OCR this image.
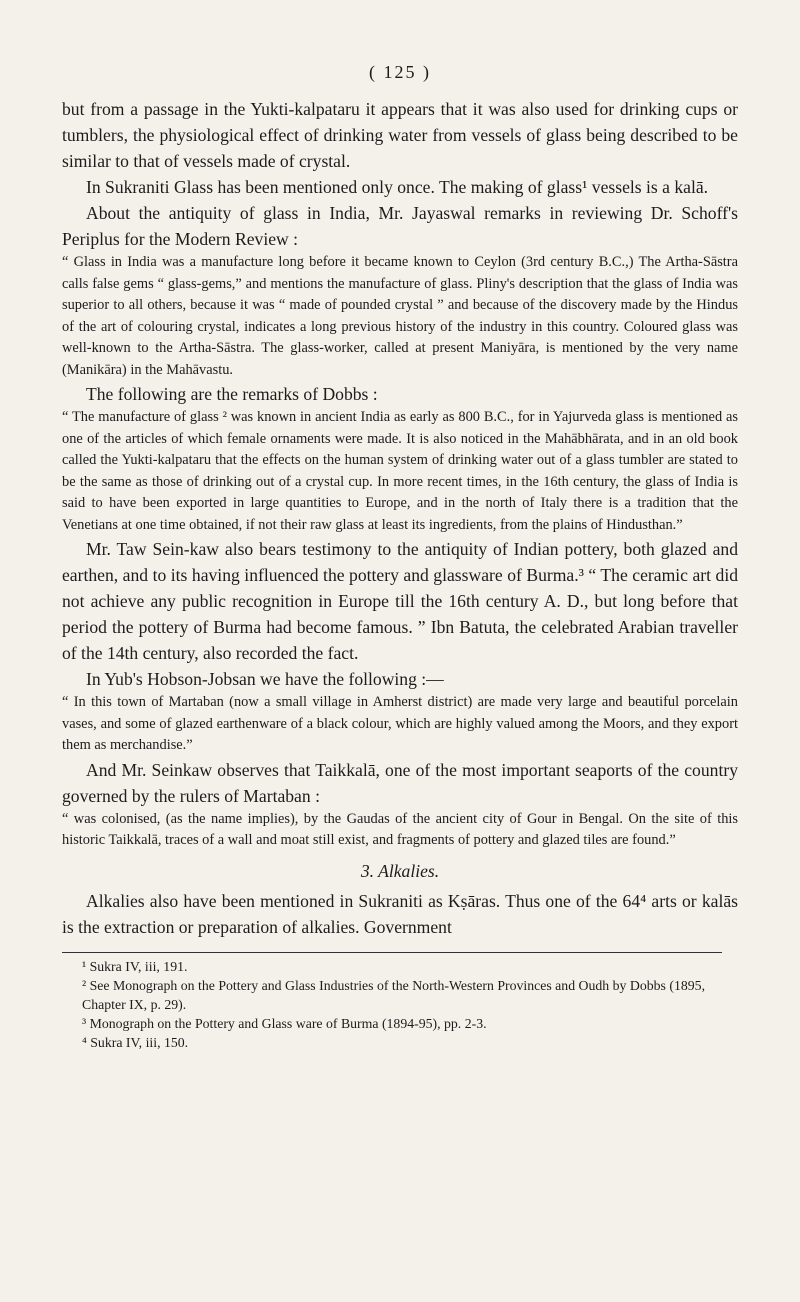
( 125 )

but from a passage in the Yukti-kalpataru it appears that it was also used for drinking cups or tumblers, the physiological effect of drinking water from vessels of glass being described to be similar to that of vessels made of crystal.

In Sukraniti Glass has been mentioned only once. The making of glass¹ vessels is a kalā.

About the antiquity of glass in India, Mr. Jayaswal remarks in reviewing Dr. Schoff's Periplus for the Modern Review :

“ Glass in India was a manufacture long before it became known to Ceylon (3rd century B.C.,) The Artha-Sāstra calls false gems “ glass-gems,” and mentions the manufacture of glass. Pliny's description that the glass of India was superior to all others, because it was “ made of pounded crystal ” and because of the discovery made by the Hindus of the art of colouring crystal, indicates a long previous history of the industry in this country. Coloured glass was well-known to the Artha-Sāstra. The glass-worker, called at present Maniyāra, is mentioned by the very name (Manikāra) in the Mahāvastu.

The following are the remarks of Dobbs :

“ The manufacture of glass ² was known in ancient India as early as 800 B.C., for in Yajurveda glass is mentioned as one of the articles of which female ornaments were made. It is also noticed in the Mahābhārata, and in an old book called the Yukti-kalpataru that the effects on the human system of drinking water out of a glass tumbler are stated to be the same as those of drinking out of a crystal cup. In more recent times, in the 16th century, the glass of India is said to have been exported in large quantities to Europe, and in the north of Italy there is a tradition that the Venetians at one time obtained, if not their raw glass at least its ingredients, from the plains of Hindusthan.”

Mr. Taw Sein-kaw also bears testimony to the antiquity of Indian pottery, both glazed and earthen, and to its having influenced the pottery and glassware of Burma.³ “ The ceramic art did not achieve any public recognition in Europe till the 16th century A. D., but long before that period the pottery of Burma had become famous. ” Ibn Batuta, the celebrated Arabian traveller of the 14th century, also recorded the fact.

In Yub's Hobson-Jobsan we have the following :—

“ In this town of Martaban (now a small village in Amherst district) are made very large and beautiful porcelain vases, and some of glazed earthenware of a black colour, which are highly valued among the Moors, and they export them as merchandise.”

And Mr. Seinkaw observes that Taikkalā, one of the most important seaports of the country governed by the rulers of Martaban :

“ was colonised, (as the name implies), by the Gaudas of the ancient city of Gour in Bengal. On the site of this historic Taikkalā, traces of a wall and moat still exist, and fragments of pottery and glazed tiles are found.”

3. Alkalies.

Alkalies also have been mentioned in Sukraniti as Kṣāras. Thus one of the 64⁴ arts or kalās is the extraction or preparation of alkalies. Government

¹ Sukra IV, iii, 191.

² See Monograph on the Pottery and Glass Industries of the North-Western Provinces and Oudh by Dobbs (1895, Chapter IX, p. 29).

³ Monograph on the Pottery and Glass ware of Burma (1894-95), pp. 2-3.

⁴ Sukra IV, iii, 150.
